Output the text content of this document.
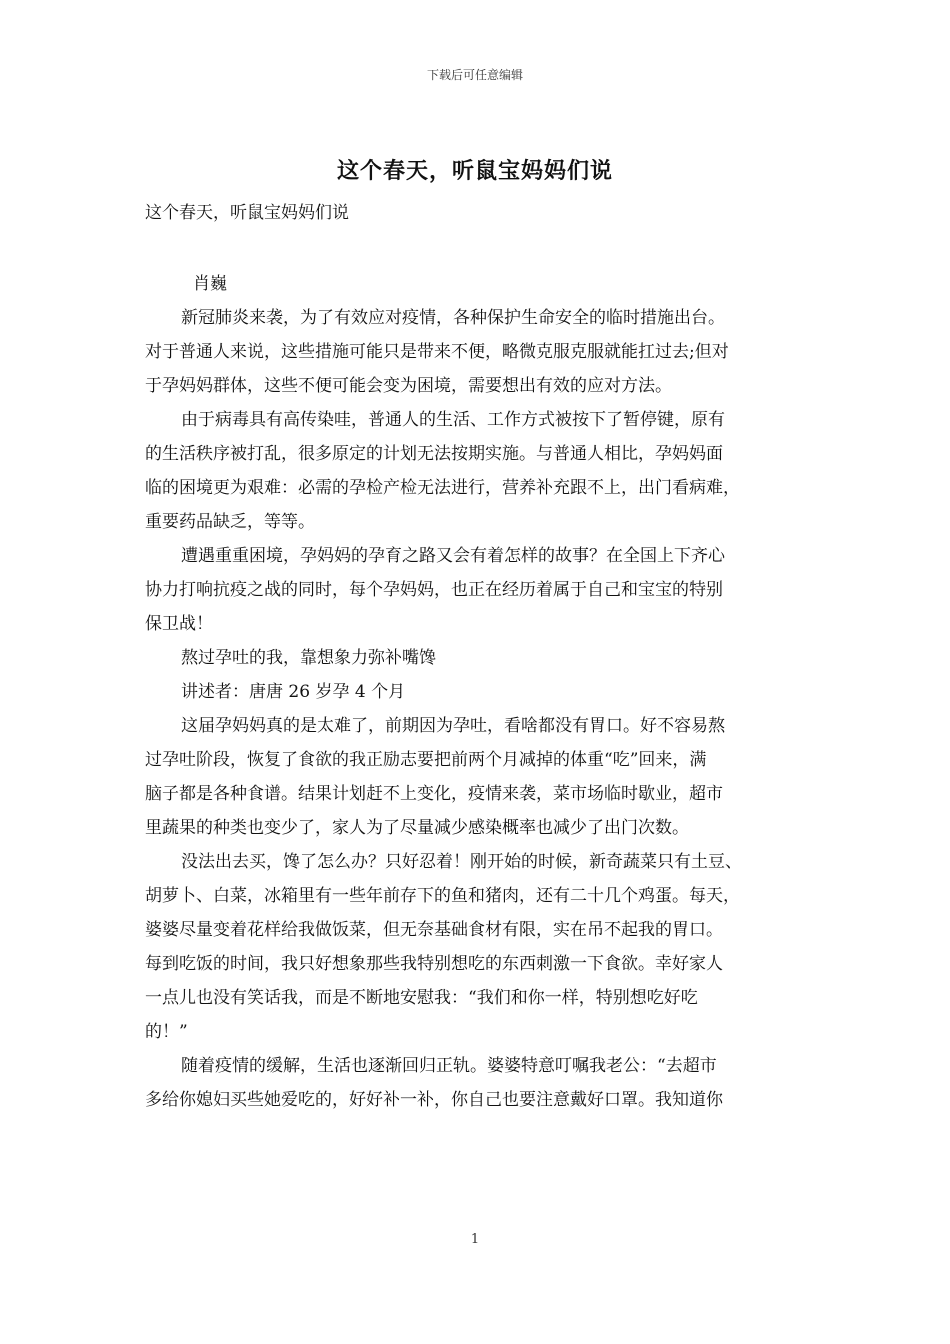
下载后可任意编辑
这个春天，听鼠宝妈妈们说
这个春天，听鼠宝妈妈们说
肖巍
新冠肺炎来袭，为了有效应对疫情，各种保护生命安全的临时措施出台。
对于普通人来说，这些措施可能只是带来不便，略微克服克服就能扛过去;但对
于孕妈妈群体，这些不便可能会变为困境，需要想出有效的应对方法。
由于病毒具有高传染哇，普通人的生活、工作方式被按下了暂停键，原有
的生活秩序被打乱，很多原定的计划无法按期实施。与普通人相比，孕妈妈面
临的困境更为艰难：必需的孕检产检无法进行，营养补充跟不上，出门看病难，
重要药品缺乏，等等。
遭遇重重困境，孕妈妈的孕育之路又会有着怎样的故事？在全国上下齐心
协力打响抗疫之战的同时，每个孕妈妈，也正在经历着属于自己和宝宝的特别
保卫战！
熬过孕吐的我，靠想象力弥补嘴馋
讲述者：唐唐 26 岁孕 4 个月
这届孕妈妈真的是太难了，前期因为孕吐，看啥都没有胃口。好不容易熬
过孕吐阶段，恢复了食欲的我正励志要把前两个月减掉的体重“吃”回来，满
脑子都是各种食谱。结果计划赶不上变化，疫情来袭，菜市场临时歇业，超市
里蔬果的种类也变少了，家人为了尽量减少感染概率也减少了出门次数。
没法出去买，馋了怎么办？只好忍着！刚开始的时候，新奇蔬菜只有土豆、
胡萝卜、白菜，冰箱里有一些年前存下的鱼和猪肉，还有二十几个鸡蛋。每天，
婆婆尽量变着花样给我做饭菜，但无奈基础食材有限，实在吊不起我的胃口。
每到吃饭的时间，我只好想象那些我特别想吃的东西刺激一下食欲。幸好家人
一点儿也没有笑话我，而是不断地安慰我：“我们和你一样，特别想吃好吃
的！”
随着疫情的缓解，生活也逐渐回归正轨。婆婆特意叮嘱我老公：“去超市
多给你媳妇买些她爱吃的，好好补一补，你自己也要注意戴好口罩。我知道你
1
